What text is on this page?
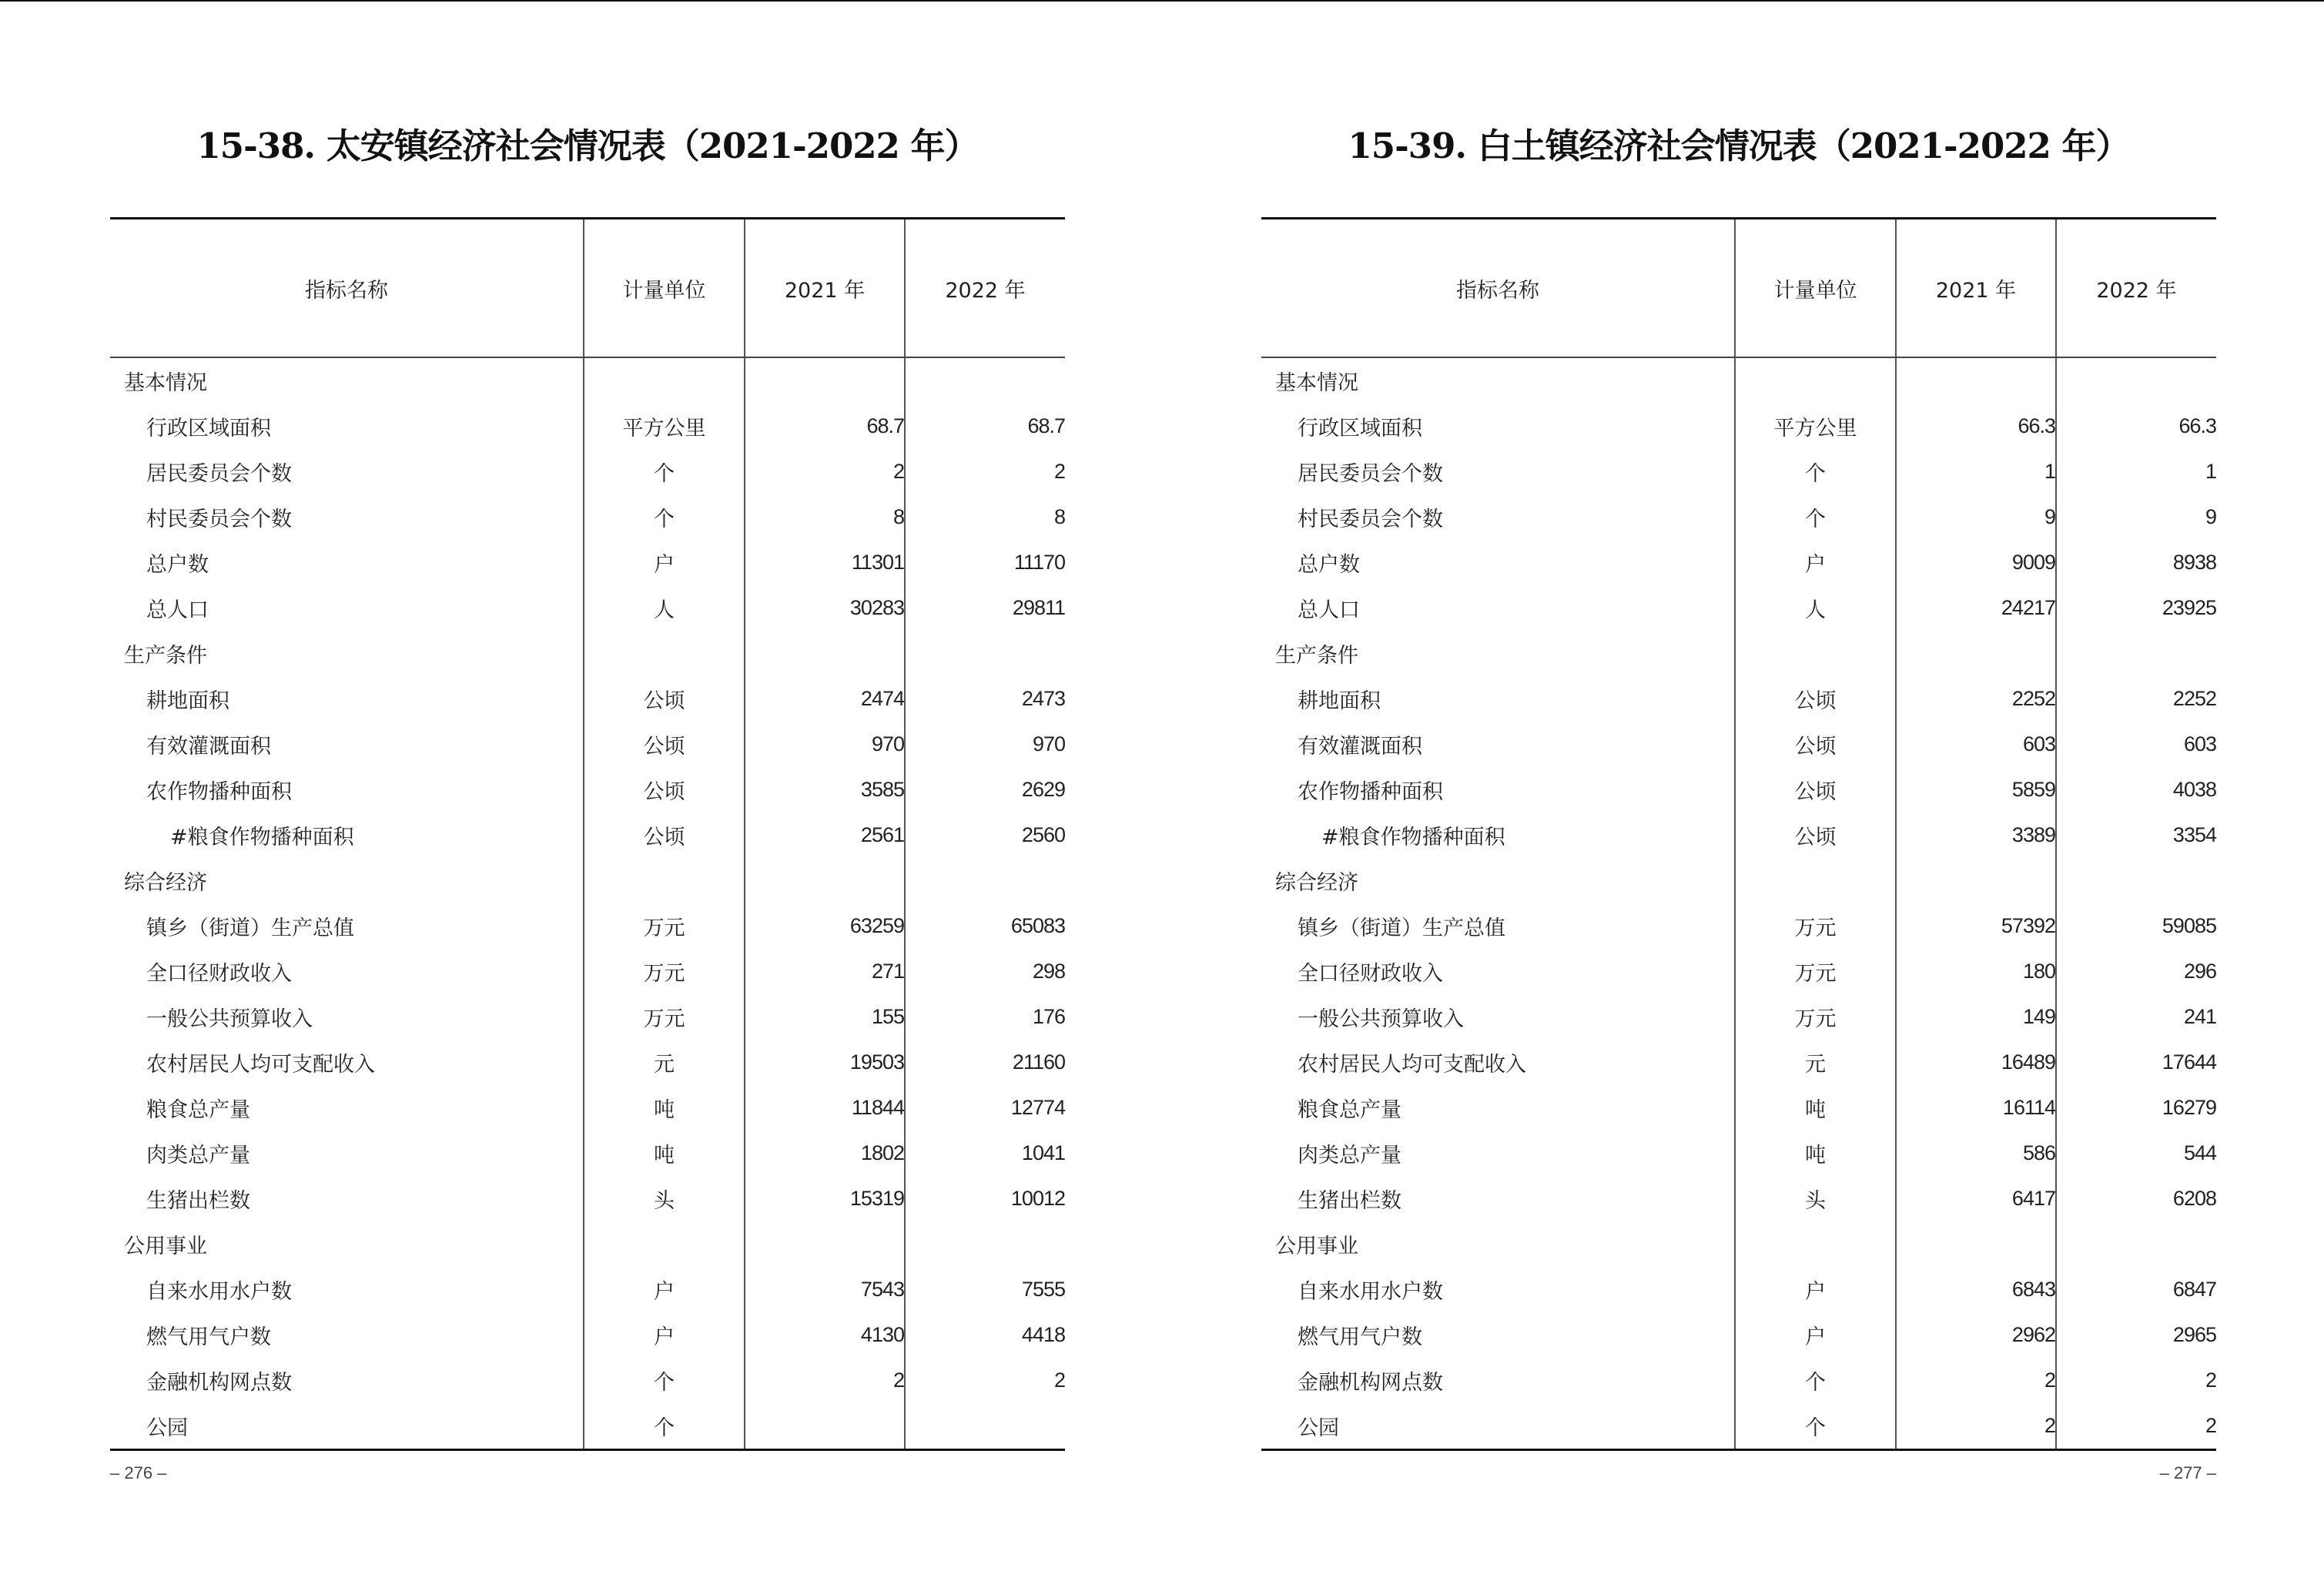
15-38. 太安镇经济社会情况表（2021-2022 年）
指标名称	计量单位	2021 年	2022 年
基本情况			
行政区域面积	平方公里	68.7	68.7
居民委员会个数	个	2	2
村民委员会个数	个	8	8
总户数	户	11301	11170
总人口	人	30283	29811
生产条件			
耕地面积	公顷	2474	2473
有效灌溉面积	公顷	970	970
农作物播种面积	公顷	3585	2629
#粮食作物播种面积	公顷	2561	2560
综合经济			
镇乡（街道）生产总值	万元	63259	65083
全口径财政收入	万元	271	298
一般公共预算收入	万元	155	176
农村居民人均可支配收入	元	19503	21160
粮食总产量	吨	11844	12774
肉类总产量	吨	1802	1041
生猪出栏数	头	15319	10012
公用事业			
自来水用水户数	户	7543	7555
燃气用气户数	户	4130	4418
金融机构网点数	个	2	2
公园	个		
– 276 –
15-39. 白土镇经济社会情况表（2021-2022 年）
指标名称	计量单位	2021 年	2022 年
基本情况			
行政区域面积	平方公里	66.3	66.3
居民委员会个数	个	1	1
村民委员会个数	个	9	9
总户数	户	9009	8938
总人口	人	24217	23925
生产条件			
耕地面积	公顷	2252	2252
有效灌溉面积	公顷	603	603
农作物播种面积	公顷	5859	4038
#粮食作物播种面积	公顷	3389	3354
综合经济			
镇乡（街道）生产总值	万元	57392	59085
全口径财政收入	万元	180	296
一般公共预算收入	万元	149	241
农村居民人均可支配收入	元	16489	17644
粮食总产量	吨	16114	16279
肉类总产量	吨	586	544
生猪出栏数	头	6417	6208
公用事业			
自来水用水户数	户	6843	6847
燃气用气户数	户	2962	2965
金融机构网点数	个	2	2
公园	个	2	2
– 277 –
